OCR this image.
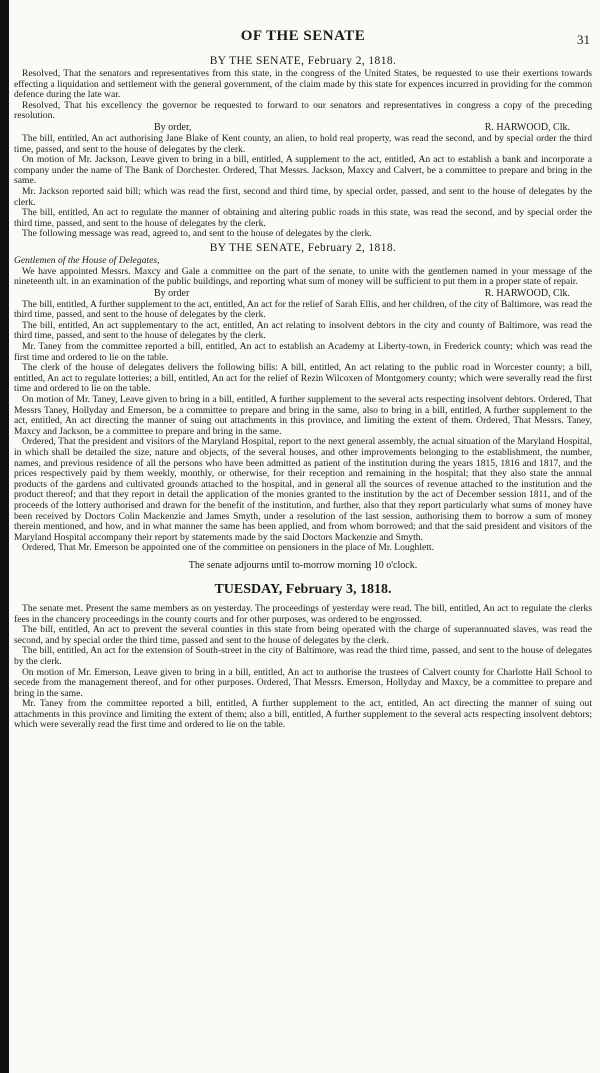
31
OF THE SENATE
BY THE SENATE, February 2, 1818.

Resolved, That the senators and representatives from this state, in the congress of the United States, be requested to use their exertions towards effecting a liquidation and settlement with the general government, of the claim made by this state for expences incurred in providing for the common defence during the late war.

Resolved, That his excellency the governor be requested to forward to our senators and representatives in congress a copy of the preceding resolution.

By order,	R. HARWOOD, Clk.

The bill, entitled, An act authorising Jane Blake of Kent county, an alien, to hold real property, was read the second, and by special order the third time, passed, and sent to the house of delegates by the clerk.

On motion of Mr. Jackson, Leave given to bring in a bill, entitled, A supplement to the act, entitled, An act to establish a bank and incorporate a company under the name of The Bank of Dorchester. Ordered, That Messrs. Jackson, Maxcy and Calvert, be a committee to prepare and bring in the same.

Mr. Jackson reported said bill; which was read the first, second and third time, by special order, passed, and sent to the house of delegates by the clerk.

The bill, entitled, An act to regulate the manner of obtaining and altering public roads in this state, was read the second, and by special order the third time, passed, and sent to the house of delegates by the clerk.

The following message was read, agreed to, and sent to the house of delegates by the clerk.

BY THE SENATE, February 2, 1818.

Gentlemen of the House of Delegates,

We have appointed Messrs. Maxcy and Gale a committee on the part of the senate, to unite with the gentlemen named in your message of the nineteenth ult. in an examination of the public buildings, and reporting what sum of money will be sufficient to put them in a proper state of repair.

By order	R. HARWOOD, Clk.

The bill, entitled, A further supplement to the act, entitled, An act for the relief of Sarah Ellis, and her children, of the city of Baltimore, was read the third time, passed, and sent to the house of delegates by the clerk.

The bill, entitled, An act supplementary to the act, entitled, An act relating to insolvent debtors in the city and county of Baltimore, was read the third time, passed, and sent to the house of delegates by the clerk.

Mr. Taney from the committee reported a bill, entitled, An act to establish an Academy at Liberty-town, in Frederick county; which was read the first time and ordered to lie on the table.

The clerk of the house of delegates delivers the following bills: A bill, entitled, An act relating to the public road in Worcester county; a bill, entitled, An act to regulate lotteries; a bill, entitled, An act for the relief of Rezin Wilcoxen of Montgomery county; which were severally read the first time and ordered to lie on the table.

On motion of Mr. Taney, Leave given to bring in a bill, entitled, A further supplement to the several acts respecting insolvent debtors. Ordered, That Messrs Taney, Hollyday and Emerson, be a committee to prepare and bring in the same, also to bring in a bill, entitled, A further supplement to the act, entitled, An act directing the manner of suing out attachments in this province, and limiting the extent of them. Ordered, That Messrs. Taney, Maxcy and Jackson, be a committee to prepare and bring in the same.

Ordered, That the president and visitors of the Maryland Hospital, report to the next general assembly, the actual situation of the Maryland Hospital, in which shall be detailed the size, nature and objects, of the several houses, and other improvements belonging to the establishment, the number, names, and previous residence of all the persons who have been admitted as patient of the institution during the years 1815, 1816 and 1817, and the prices respectively paid by them weekly, monthly, or otherwise, for their reception and remaining in the hospital; that they also state the annual products of the gardens and cultivated grounds attached to the hospital, and in general all the sources of revenue attached to the institution and the product thereof; and that they report in detail the application of the monies granted to the institution by the act of December session 1811, and of the proceeds of the lottery authorised and drawn for the benefit of the institution, and further, also that they report particularly what sums of money have been received by Doctors Colin Mackenzie and James Smyth, under a resolution of the last session, authorising them to borrow a sum of money therein mentioned, and how, and in what manner the same has been applied, and from whom borrowed; and that the said president and visitors of the Maryland Hospital accompany their report by statements made by the said Doctors Mackenzie and Smyth.

Ordered, That Mr. Emerson be appointed one of the committee on pensioners in the place of Mr. Loughlett.

The senate adjourns until to-morrow morning 10 o'clock.
TUESDAY, February 3, 1818.

The senate met. Present the same members as on yesterday. The proceedings of yesterday were read. The bill, entitled, An act to regulate the clerks fees in the chancery proceedings in the county courts and for other purposes, was ordered to be engrossed.

The bill, entitled, An act to prevent the several counties in this state from being operated with the charge of superannuated slaves, was read the second, and by special order the third time, passed and sent to the house of delegates by the clerk.

The bill, entitled, An act for the extension of South-street in the city of Baltimore, was read the third time, passed, and sent to the house of delegates by the clerk.

On motion of Mr. Emerson, Leave given to bring in a bill, entitled, An act to authorise the trustees of Calvert county for Charlotte Hall School to secede from the management thereof, and for other purposes. Ordered, That Messrs. Emerson, Hollyday and Maxcy, be a committee to prepare and bring in the same.

Mr. Taney from the committee reported a bill, entitled, A further supplement to the act, entitled, An act directing the manner of suing out attachments in this province and limiting the extent of them; also a bill, entitled, A further supplement to the several acts respecting insolvent debtors; which were severally read the first time and ordered to lie on the table.
